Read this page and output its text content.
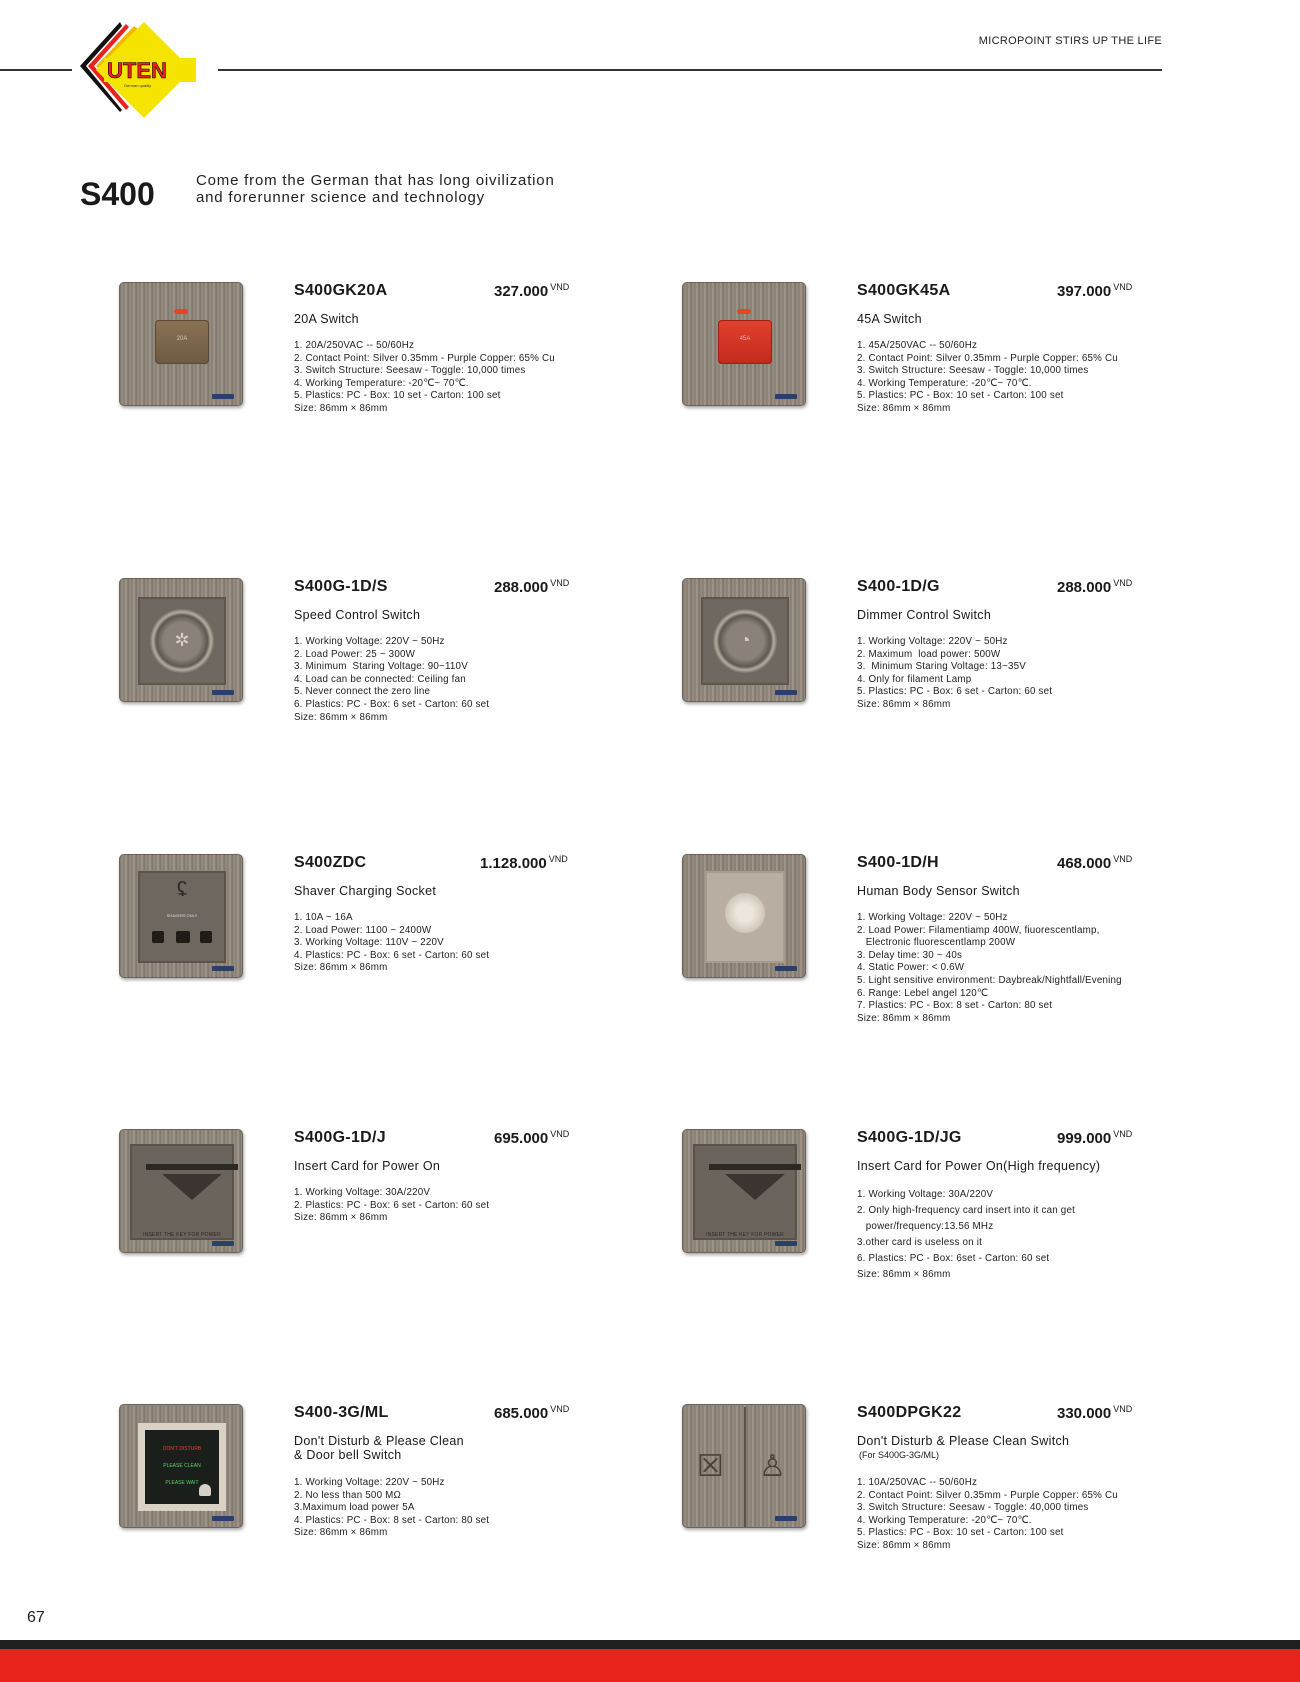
UTEN
German quality
MICROPOINT STIRS UP THE LIFE
S400	Come from the German that has long oivilization
and forerunner science and technology
20A
S400GK20A	327.000 $^{VND}$
20A Switch
1. 20A/250VAC -- 50/60Hz
2. Contact Point: Silver 0.35mm - Purple Copper: 65% Cu
3. Switch Structure: Seesaw - Toggle: 10,000 times
4. Working Temperature: -20℃~ 70℃.
5. Plastics: PC - Box: 10 set - Carton: 100 set
Size: 86mm × 86mm
45A
S400GK45A	397.000 $^{VND}$
45A Switch
1. 45A/250VAC -- 50/60Hz
2. Contact Point: Silver 0.35mm - Purple Copper: 65% Cu
3. Switch Structure: Seesaw - Toggle: 10,000 times
4. Working Temperature: -20℃~ 70℃.
5. Plastics: PC - Box: 10 set - Carton: 100 set
Size: 86mm × 86mm
✲
S400G-1D/S	288.000 $^{VND}$
Speed Control Switch
1. Working Voltage: 220V ~ 50Hz
2. Load Power: 25 ~ 300W
3. Minimum  Staring Voltage: 90~110V
4. Load can be connected: Ceiling fan
5. Never connect the zero line
6. Plastics: PC - Box: 6 set - Carton: 60 set
Size: 86mm × 86mm
◔
S400-1D/G	288.000 $^{VND}$
Dimmer Control Switch
1. Working Voltage: 220V ~ 50Hz
2. Maximum  load power: 500W
3.  Minimum Staring Voltage: 13~35V
4. Only for filament Lamp
5. Plastics: PC - Box: 6 set - Carton: 60 set
Size: 86mm × 86mm
ʢ
SHAVERS ONLY
S400ZDC	1.128.000 $^{VND}$
Shaver Charging Socket
1. 10A ~ 16A
2. Load Power: 1100 ~ 2400W
3. Working Voltage: 110V ~ 220V
4. Plastics: PC - Box: 6 set - Carton: 60 set
Size: 86mm × 86mm
S400-1D/H	468.000 $^{VND}$
Human Body Sensor Switch
1. Working Voltage: 220V ~ 50Hz
2. Load Power: Filamentiamp 400W, fiuorescentlamp,
Electronic fluorescentlamp 200W
3. Delay time: 30 ~ 40s
4. Static Power: < 0.6W
5. Light sensitive environment: Daybreak/Nightfall/Evening
6. Range: Lebel angel 120℃
7. Plastics: PC - Box: 8 set - Carton: 80 set
Size: 86mm × 86mm
INSERT THE KEY FOR POWER
S400G-1D/J	695.000 $^{VND}$
Insert Card for Power On
1. Working Voltage: 30A/220V
2. Plastics: PC - Box: 6 set - Carton: 60 set
Size: 86mm × 86mm
INSERT THE KEY FOR POWER
S400G-1D/JG	999.000 $^{VND}$
Insert Card for Power On(High frequency)
1. Working Voltage: 30A/220V
2. Only high-frequency card insert into it can get
power/frequency:13.56 MHz
3.other card is useless on it
6. Plastics: PC - Box: 6set - Carton: 60 set
Size: 86mm × 86mm
DON'T DISTURB
PLEASE CLEAN
PLEASE WAIT
S400-3G/ML	685.000 $^{VND}$
Don't Disturb & Please Clean
& Door bell Switch
1. Working Voltage: 220V ~ 50Hz
2. No less than 500 MΩ
3.Maximum load power 5A
4. Plastics: PC - Box: 8 set - Carton: 80 set
Size: 86mm × 86mm
☒ ♙
S400DPGK22	330.000 $^{VND}$
Don't Disturb & Please Clean Switch
(For S400G-3G/ML)
1. 10A/250VAC -- 50/60Hz
2. Contact Point: Silver 0.35mm - Purple Copper: 65% Cu
3. Switch Structure: Seesaw - Toggle: 40,000 times
4. Working Temperature: -20℃~ 70℃.
5. Plastics: PC - Box: 10 set - Carton: 100 set
Size: 86mm × 86mm
67
